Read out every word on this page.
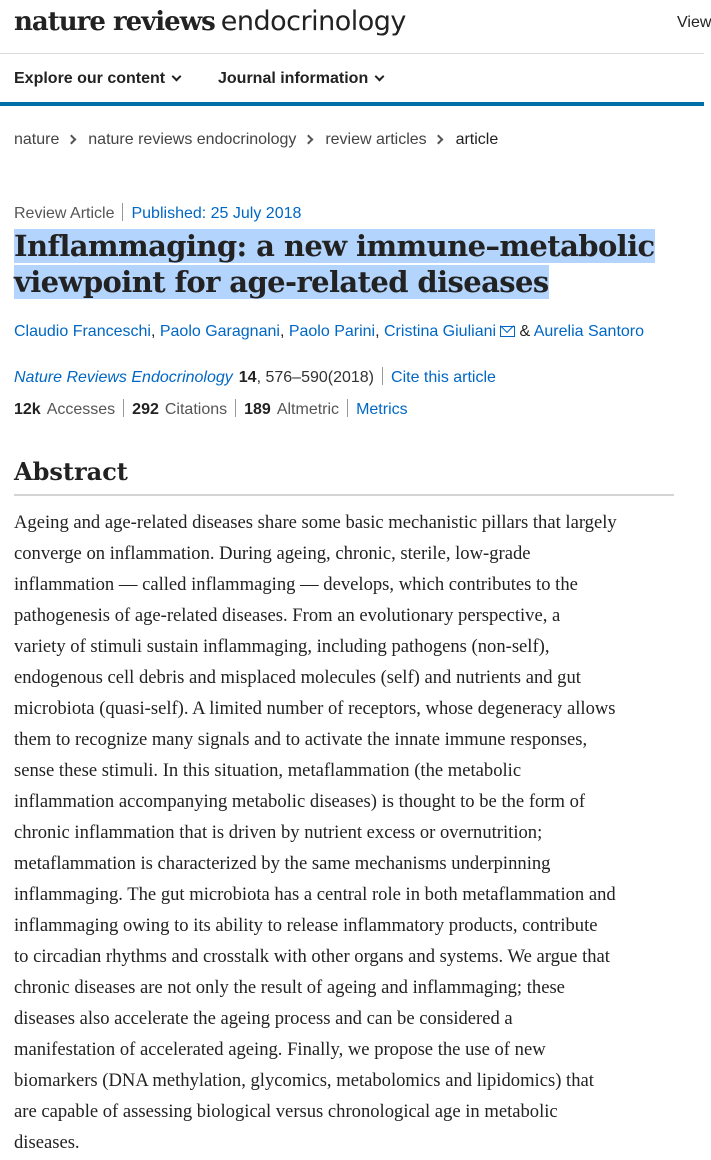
nature reviews endocrinology	View
Explore our content	Journal information
nature nature reviews endocrinology review articles article
Review Article Published: 25 July 2018
Inflammaging: a new immune–metabolic
viewpoint for age-related diseases
Claudio Franceschi, Paolo Garagnani, Paolo Parini, Cristina Giuliani & Aurelia Santoro
Nature Reviews Endocrinology 14, 576–590(2018) Cite this article
12k Accesses 292 Citations 189 Altmetric Metrics
Abstract
Ageing and age-related diseases share some basic mechanistic pillars that largely
converge on inflammation. During ageing, chronic, sterile, low-grade
inflammation — called inflammaging — develops, which contributes to the
pathogenesis of age-related diseases. From an evolutionary perspective, a
variety of stimuli sustain inflammaging, including pathogens (non-self),
endogenous cell debris and misplaced molecules (self) and nutrients and gut
microbiota (quasi-self). A limited number of receptors, whose degeneracy allows
them to recognize many signals and to activate the innate immune responses,
sense these stimuli. In this situation, metaflammation (the metabolic
inflammation accompanying metabolic diseases) is thought to be the form of
chronic inflammation that is driven by nutrient excess or overnutrition;
metaflammation is characterized by the same mechanisms underpinning
inflammaging. The gut microbiota has a central role in both metaflammation and
inflammaging owing to its ability to release inflammatory products, contribute
to circadian rhythms and crosstalk with other organs and systems. We argue that
chronic diseases are not only the result of ageing and inflammaging; these
diseases also accelerate the ageing process and can be considered a
manifestation of accelerated ageing. Finally, we propose the use of new
biomarkers (DNA methylation, glycomics, metabolomics and lipidomics) that
are capable of assessing biological versus chronological age in metabolic
diseases.
